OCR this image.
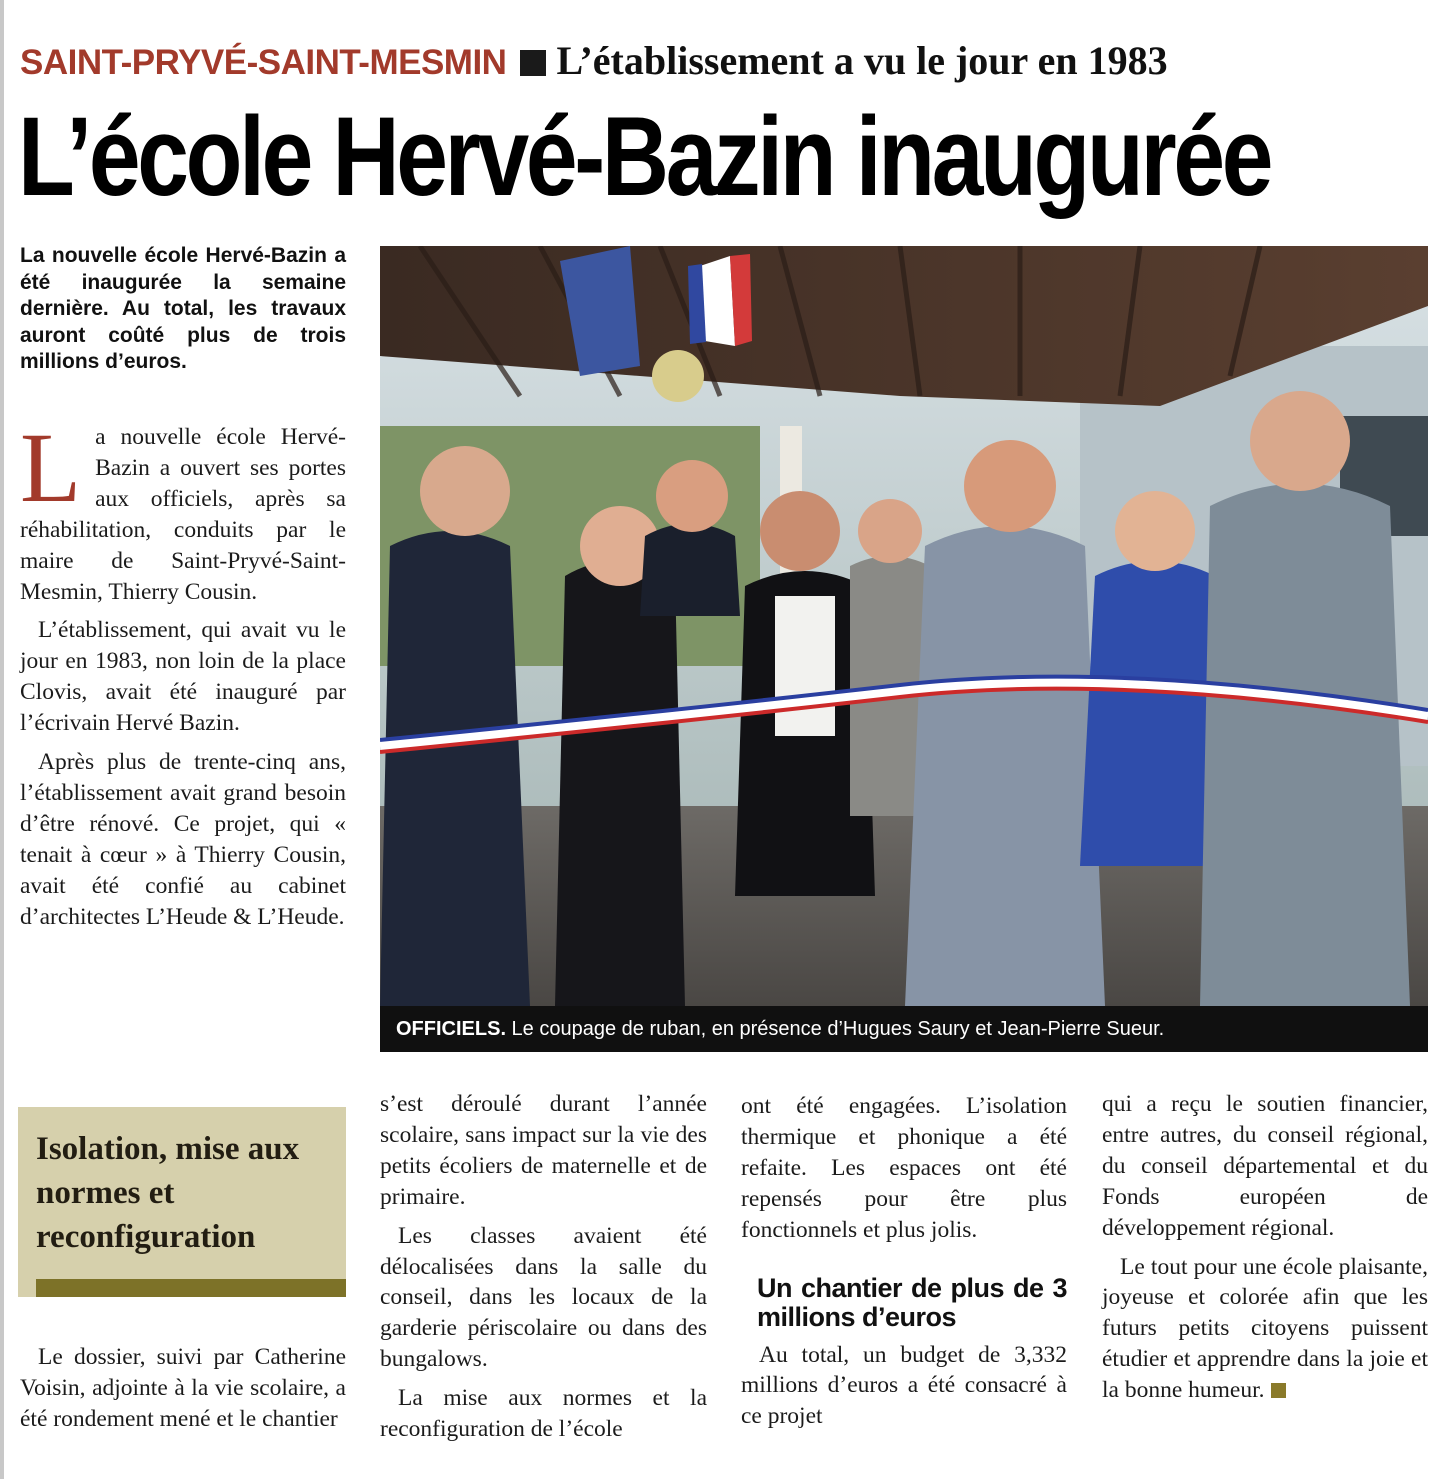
SAINT-PRYVÉ-SAINT-MESMIN L’établissement a vu le jour en 1983
L’école Hervé-Bazin inaugurée
La nouvelle école Hervé-Bazin a été inaugurée la semaine dernière. Au total, les travaux auront coûté plus de trois millions d’euros.

La nouvelle école Hervé-Bazin a ouvert ses portes aux officiels, après sa réhabilitation, conduits par le maire de Saint-Pryvé-Saint-Mesmin, Thierry Cousin.

L’établissement, qui avait vu le jour en 1983, non loin de la place Clovis, avait été inauguré par l’écrivain Hervé Bazin.

Après plus de trente-cinq ans, l’établissement avait grand besoin d’être rénové. Ce projet, qui « tenait à cœur » à Thierry Cousin, avait été confié au cabinet d’architectes L’Heude & L’Heude.

OFFICIELS. Le coupage de ruban, en présence d’Hugues Saury et Jean-Pierre Sueur.
Isolation, mise aux normes et reconfiguration

Le dossier, suivi par Catherine Voisin, adjointe à la vie scolaire, a été rondement mené et le chantier

s’est déroulé durant l’année scolaire, sans impact sur la vie des petits écoliers de maternelle et de primaire.

Les classes avaient été délocalisées dans la salle du conseil, dans les locaux de la garderie périscolaire ou dans des bungalows.

La mise aux normes et la reconfiguration de l’école

ont été engagées. L’isolation thermique et phonique a été refaite. Les espaces ont été repensés pour être plus fonctionnels et plus jolis.

Un chantier de plus de 3 millions d’euros

Au total, un budget de 3,332 millions d’euros a été consacré à ce projet

qui a reçu le soutien financier, entre autres, du conseil régional, du conseil départemental et du Fonds européen de développement régional.

Le tout pour une école plaisante, joyeuse et colorée afin que les futurs petits citoyens puissent étudier et apprendre dans la joie et la bonne humeur.
